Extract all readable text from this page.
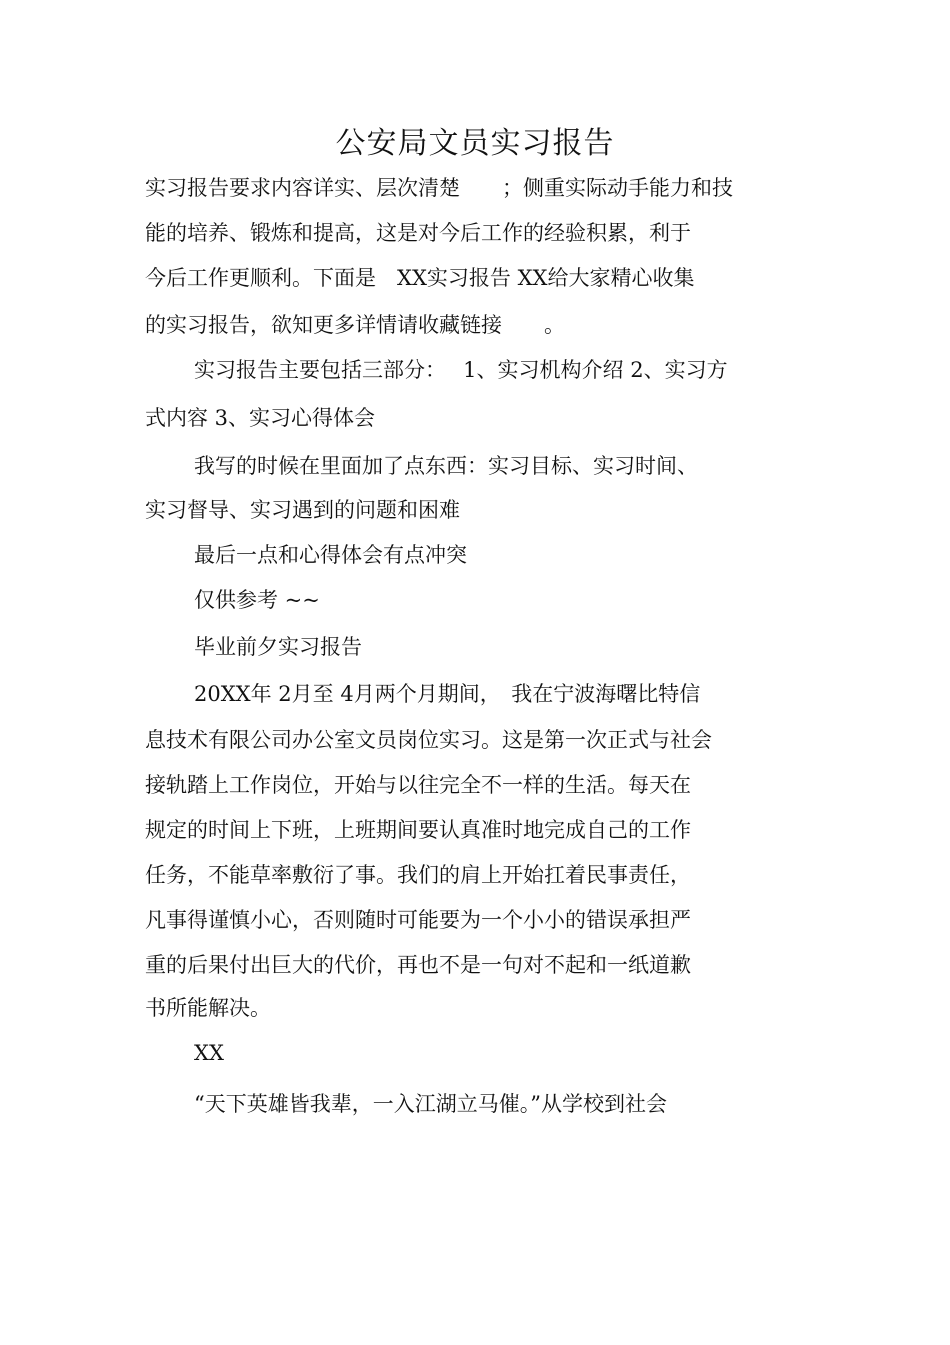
公安局文员实习报告
实习报告要求内容详实、层次清楚　　；侧重实际动手能力和技
能的培养、锻炼和提高，这是对今后工作的经验积累，利于
今后工作更顺利。下面是　XX实习报告 XX给大家精心收集
的实习报告，欲知更多详情请收藏链接　　。
实习报告主要包括三部分：　 1、实习机构介绍 2、实习方
式内容 3、实习心得体会
我写的时候在里面加了点东西：实习目标、实习时间、
实习督导、实习遇到的问题和困难
最后一点和心得体会有点冲突
仅供参考 ~~
毕业前夕实习报告
20XX年 2月至 4月两个月期间，　我在宁波海曙比特信
息技术有限公司办公室文员岗位实习。这是第一次正式与社会
接轨踏上工作岗位，开始与以往完全不一样的生活。每天在
规定的时间上下班，上班期间要认真准时地完成自己的工作
任务，不能草率敷衍了事。我们的肩上开始扛着民事责任，
凡事得谨慎小心，否则随时可能要为一个小小的错误承担严
重的后果付出巨大的代价，再也不是一句对不起和一纸道歉
书所能解决。
XX
“天下英雄皆我辈，一入江湖立马催。”从学校到社会
